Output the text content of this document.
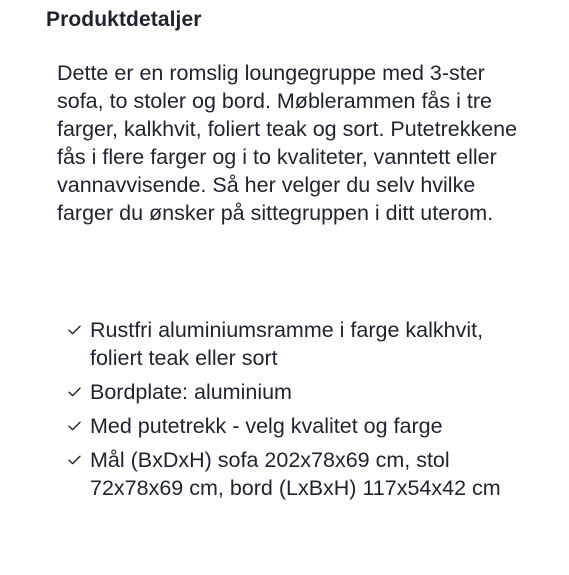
Produktdetaljer

Dette er en romslig loungegruppe med 3-ster sofa, to stoler og bord. Møblerammen fås i tre farger, kalkhvit, foliert teak og sort. Putetrekkene fås i flere farger og i to kvaliteter, vanntett eller vannavvisende. Så her velger du selv hvilke farger du ønsker på sittegruppen i ditt uterom.

Rustfri aluminiumsramme i farge kalkhvit, foliert teak eller sort
Bordplate: aluminium
Med putetrekk - velg kvalitet og farge
Mål (BxDxH) sofa 202x78x69 cm, stol 72x78x69 cm, bord (LxBxH) 117x54x42 cm
